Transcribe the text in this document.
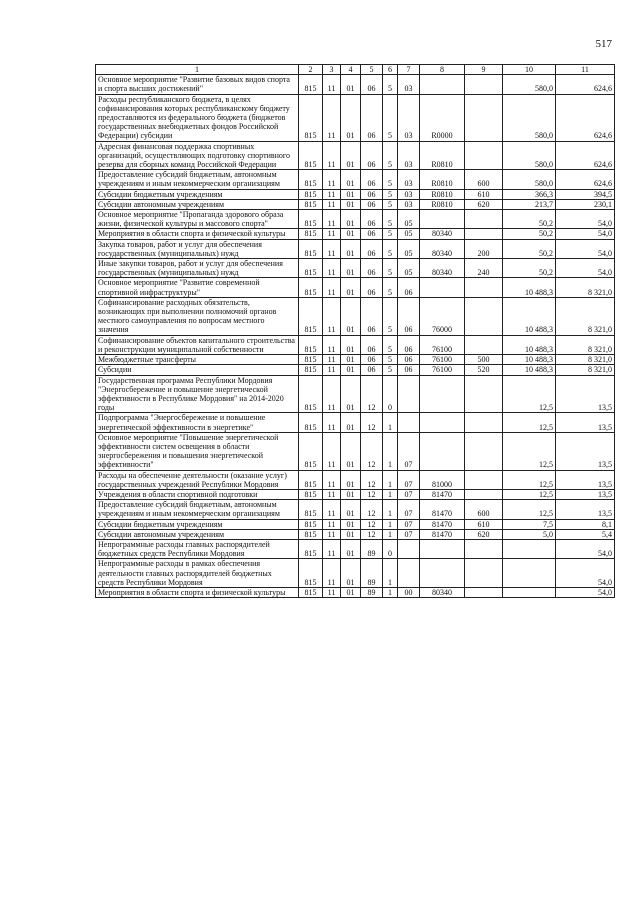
517
1	2	3	4	5	6	7	8	9	10	11
Основное мероприятие "Развитие базовых видов спорта и спорта высших достижений"	815	11	01	06	5	03			580,0	624,6
Расходы республиканского бюджета, в целях софинансирования которых республиканскому бюджету предоставляются из федерального бюджета (бюджетов государственных внебюджетных фондов Российской Федерации) субсидии	815	11	01	06	5	03	R0000		580,0	624,6
Адресная финансовая поддержка спортивных организаций, осуществляющих подготовку спортивного резерва для сборных команд Российской Федерации	815	11	01	06	5	03	R0810		580,0	624,6
Предоставление субсидий бюджетным, автономным учреждениям и иным некоммерческим организациям	815	11	01	06	5	03	R0810	600	580,0	624,6
Субсидии бюджетным учреждениям	815	11	01	06	5	03	R0810	610	366,3	394,5
Субсидии автономным учреждениям	815	11	01	06	5	03	R0810	620	213,7	230,1
Основное мероприятие "Пропаганда здорового образа жизни, физической культуры и массового спорта"	815	11	01	06	5	05			50,2	54,0
Мероприятия в области спорта и физической культуры	815	11	01	06	5	05	80340		50,2	54,0
Закупка товаров, работ и услуг для обеспечения государственных (муниципальных) нужд	815	11	01	06	5	05	80340	200	50,2	54,0
Иные закупки товаров, работ и услуг для обеспечения государственных (муниципальных) нужд	815	11	01	06	5	05	80340	240	50,2	54,0
Основное мероприятие "Развитие современной спортивной инфраструктуры"	815	11	01	06	5	06			10 488,3	8 321,0
Софинансирование расходных обязательств, возникающих при выполнении полномочий органов местного самоуправления по вопросам местного значения	815	11	01	06	5	06	76000		10 488,3	8 321,0
Софинансирование объектов капитального строительства и реконструкции муниципальной собственности	815	11	01	06	5	06	76100		10 488,3	8 321,0
Межбюджетные трансферты	815	11	01	06	5	06	76100	500	10 488,3	8 321,0
Субсидии	815	11	01	06	5	06	76100	520	10 488,3	8 321,0
Государственная программа Республики Мордовия "Энергосбережение и повышение энергетической эффективности в Республике Мордовия" на 2014-2020 годы	815	11	01	12	0				12,5	13,5
Подпрограмма "Энергосбережение и повышение энергетической эффективности в энергетике"	815	11	01	12	1				12,5	13,5
Основное мероприятие "Повышение энергетической эффективности систем освещения в области энергосбережения и повышения энергетической эффективности"	815	11	01	12	1	07			12,5	13,5
Расходы на обеспечение деятельности (оказание услуг) государственных учреждений Республики Мордовия	815	11	01	12	1	07	81000		12,5	13,5
Учреждения в области спортивной подготовки	815	11	01	12	1	07	81470		12,5	13,5
Предоставление субсидий бюджетным, автономным учреждениям и иным некоммерческим организациям	815	11	01	12	1	07	81470	600	12,5	13,5
Субсидии бюджетным учреждениям	815	11	01	12	1	07	81470	610	7,5	8,1
Субсидии автономным учреждениям	815	11	01	12	1	07	81470	620	5,0	5,4
Непрограммные расходы главных распорядителей бюджетных средств Республики Мордовия	815	11	01	89	0					54,0
Непрограммные расходы в рамках обеспечения деятельности главных распорядителей бюджетных средств Республики Мордовия	815	11	01	89	1					54,0
Мероприятия в области спорта и физической культуры	815	11	01	89	1	00	80340			54,0
